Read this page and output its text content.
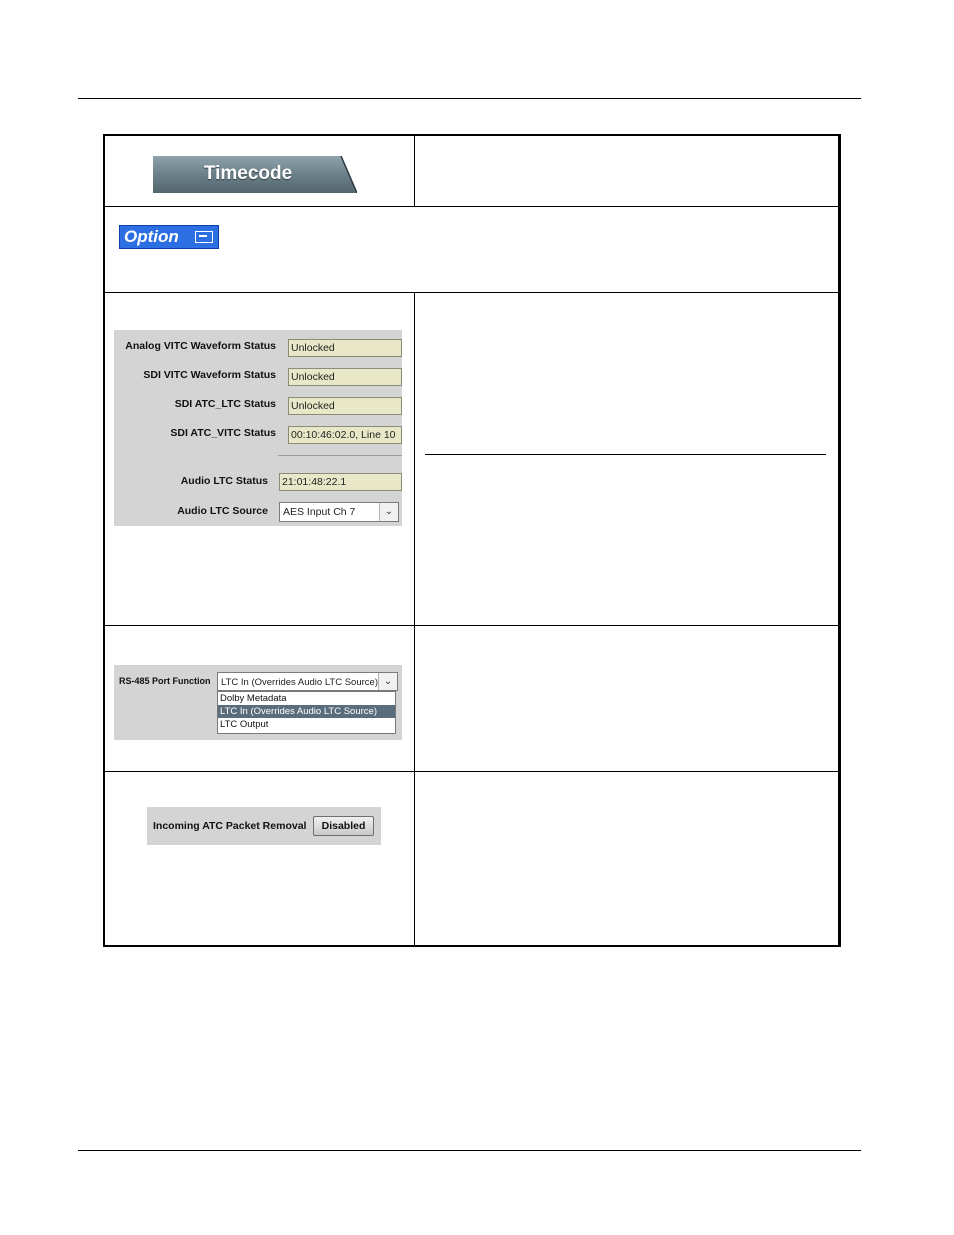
Timecode
Option
Analog VITC Waveform Status Unlocked
SDI VITC Waveform Status Unlocked
SDI ATC_LTC Status Unlocked
SDI ATC_VITC Status 00:10:46:02.0, Line 10
Audio LTC Status 21:01:48:22.1
Audio LTC Source	AES Input Ch 7	⌄
RS-485 Port Function	LTC In (Overrides Audio LTC Source) ⌄
Dolby Metadata
LTC In (Overrides Audio LTC Source)
LTC Output
Incoming ATC Packet Removal	Disabled
